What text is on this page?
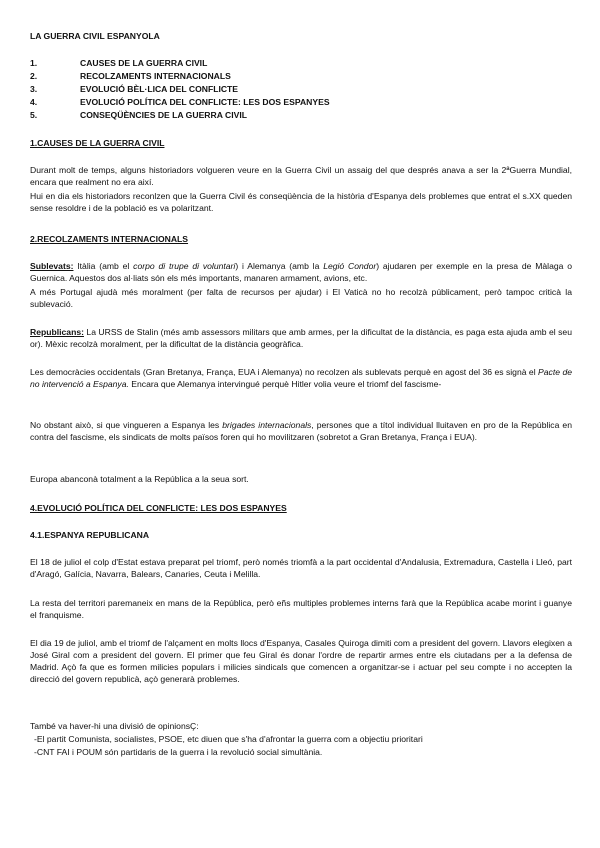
LA GUERRA CIVIL ESPANYOLA
1.	CAUSES DE LA GUERRA CIVIL
2.	RECOLZAMENTS INTERNACIONALS
3.	EVOLUCIÓ BÈL·LICA DEL CONFLICTE
4.	EVOLUCIÓ POLÍTICA DEL CONFLICTE: LES DOS ESPANYES
5.	CONSEQÜÈNCIES DE LA GUERRA CIVIL
1.CAUSES DE LA GUERRA CIVIL

Durant molt de temps, alguns historiadors volgueren veure en la Guerra Civil un assaig del que després anava a ser la 2ªGuerra Mundial, encara que realment no era així.

Hui en dia els historiadors reconlzen que la Guerra Civil és conseqüència de la història d'Espanya dels problemes que entrat el s.XX queden sense resoldre i de la població es va polaritzant.

2.RECOLZAMENTS INTERNACIONALS
Sublevats: Itàlia (amb el corpo di trupe di voluntari) i Alemanya (amb la Legió Condor) ajudaren per exemple en la presa de Màlaga o Guernica. Aquestos dos al·liats són els més importants, manaren armament, avions, etc.

A més Portugal ajudà més moralment (per falta de recursos per ajudar) i El Vaticà no ho recolzà públicament, però tampoc criticà la sublevació.

Republicans: La URSS de Stalin (més amb assessors militars que amb armes, per la dificultat de la distància, es paga esta ajuda amb el seu or). Mèxic recolzà moralment, per la dificultat de la distància geogràfica.
Les democràcies occidentals (Gran Bretanya, França, EUA i Alemanya) no recolzen als sublevats perquè en agost del 36 es signà el Pacte de no intervenció a Espanya. Encara que Alemanya intervingué perquè Hitler volia veure el triomf del fascisme-
No obstant això, si que vingueren a Espanya les brigades internacionals, persones que a títol individual lluitaven en pro de la República en contra del fascisme, els sindicats de molts països foren qui ho movilitzaren (sobretot a Gran Bretanya, França i EUA).

Europa abanconà totalment a la República a la seua sort.

4.EVOLUCIÓ POLÍTICA DEL CONFLICTE: LES DOS ESPANYES
4.1.ESPANYA REPUBLICANA

El 18 de juliol el colp d'Estat estava preparat pel triomf, però només triomfà a la part occidental d'Andalusia, Extremadura, Castella i Lleó, part d'Aragó, Galícia, Navarra, Balears, Canaries, Ceuta i Melilla.

La resta del territori paremaneix en mans de la República, però eñs multiples problemes interns farà que la República acabe morint i guanye el franquisme.

El dia 19 de juliol, amb el triomf de l'alçament en molts llocs d'Espanya, Casales Quiroga dimiti com a president del govern. Llavors elegixen a José Giral com a president del govern. El primer que feu Giral és donar l'ordre de repartir armes entre els ciutadans per a la defensa de Madrid. Açò fa que es formen milicies populars i milicies sindicals que comencen a organitzar-se i actuar pel seu compte i no accepten la direcció del govern republicà, açò generarà problemes.

També va haver-hi una divisió de opinionsÇ:

-El partit Comunista, socialistes, PSOE, etc diuen que s'ha d'afrontar la guerra com a objectiu prioritari
-CNT FAI i POUM són partidaris de la guerra i la revolució social simultània.
